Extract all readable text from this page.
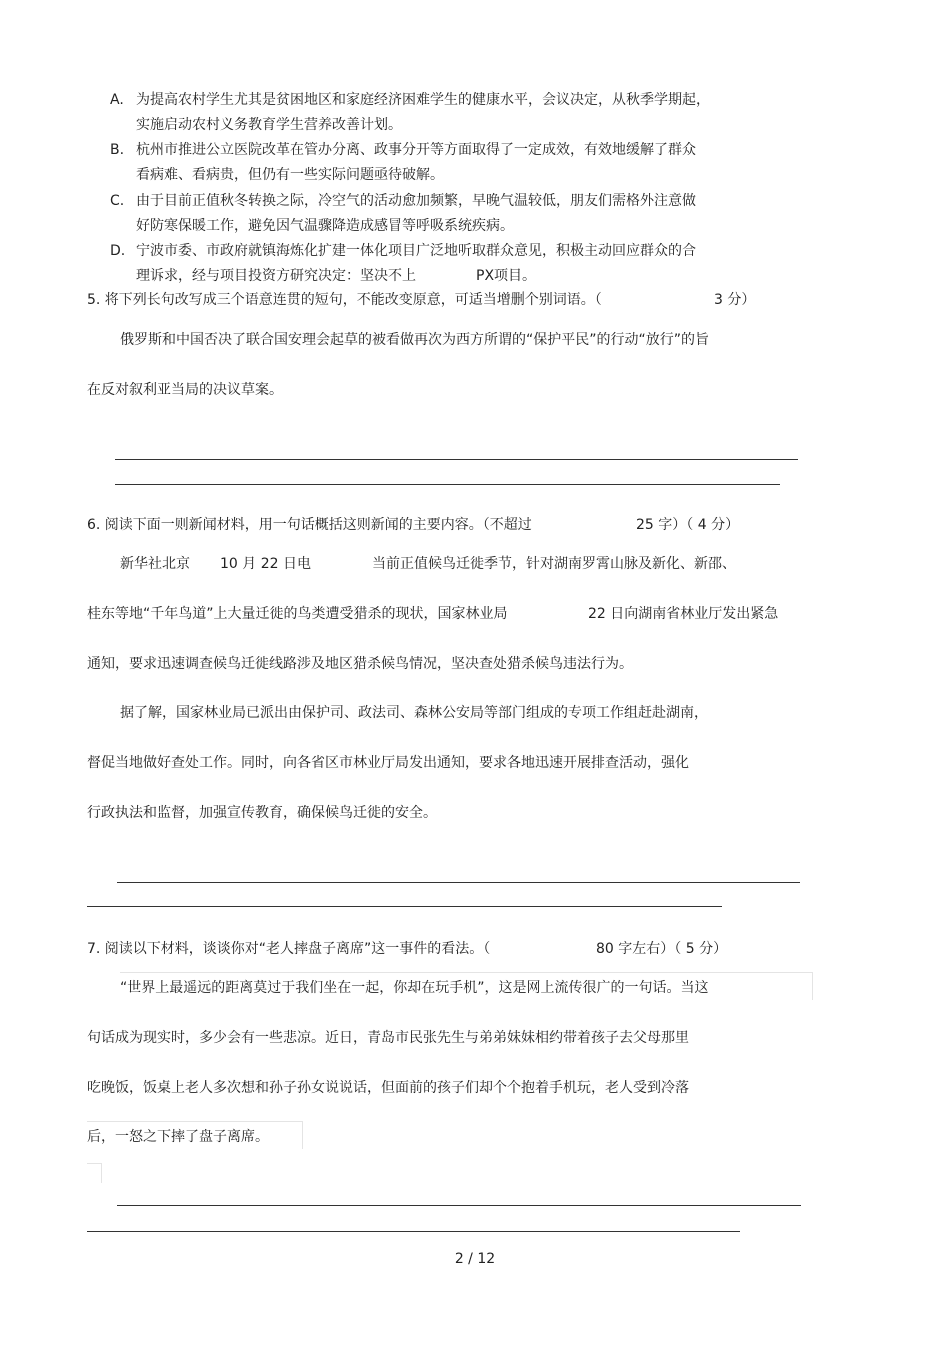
A. 为提高农村学生尤其是贫困地区和家庭经济困难学生的健康水平，会议决定，从秋季学期起，
实施启动农村义务教育学生营养改善计划。
B. 杭州市推进公立医院改革在管办分离、政事分开等方面取得了一定成效，有效地缓解了群众
看病难、看病贵，但仍有一些实际问题亟待破解。
C. 由于目前正值秋冬转换之际，冷空气的活动愈加频繁，早晚气温较低，朋友们需格外注意做
好防寒保暖工作，避免因气温骤降造成感冒等呼吸系统疾病。
D. 宁波市委、市政府就镇海炼化扩建一体化项目广泛地听取群众意见，积极主动回应群众的合
理诉求，经与项目投资方研究决定：坚决不上	PX项目。
5. 将下列长句改写成三个语意连贯的短句，不能改变原意，可适当增删个别词语。（	3 分）
俄罗斯和中国否决了联合国安理会起草的被看做再次为西方所谓的“保护平民”的行动“放行”的旨
在反对叙利亚当局的决议草案。
6. 阅读下面一则新闻材料，用一句话概括这则新闻的主要内容。（不超过	25 字）（ 4 分）
新华社北京 10 月 22 日电	当前正值候鸟迁徙季节，针对湖南罗霄山脉及新化、新邵、
桂东等地“千年鸟道”上大量迁徙的鸟类遭受猎杀的现状，国家林业局	22 日向湖南省林业厅发出紧急
通知，要求迅速调查候鸟迁徙线路涉及地区猎杀候鸟情况，坚决查处猎杀候鸟违法行为。
据了解，国家林业局已派出由保护司、政法司、森林公安局等部门组成的专项工作组赶赴湖南，
督促当地做好查处工作。同时，向各省区市林业厅局发出通知，要求各地迅速开展排查活动，强化
行政执法和监督，加强宣传教育，确保候鸟迁徙的安全。
7. 阅读以下材料，谈谈你对“老人摔盘子离席”这一事件的看法。（	80 字左右）（ 5 分）
“世界上最遥远的距离莫过于我们坐在一起，你却在玩手机”，这是网上流传很广的一句话。当这
句话成为现实时，多少会有一些悲凉。近日，青岛市民张先生与弟弟妹妹相约带着孩子去父母那里
吃晚饭，饭桌上老人多次想和孙子孙女说说话，但面前的孩子们却个个抱着手机玩，老人受到冷落
后，一怒之下摔了盘子离席。
2 / 12
